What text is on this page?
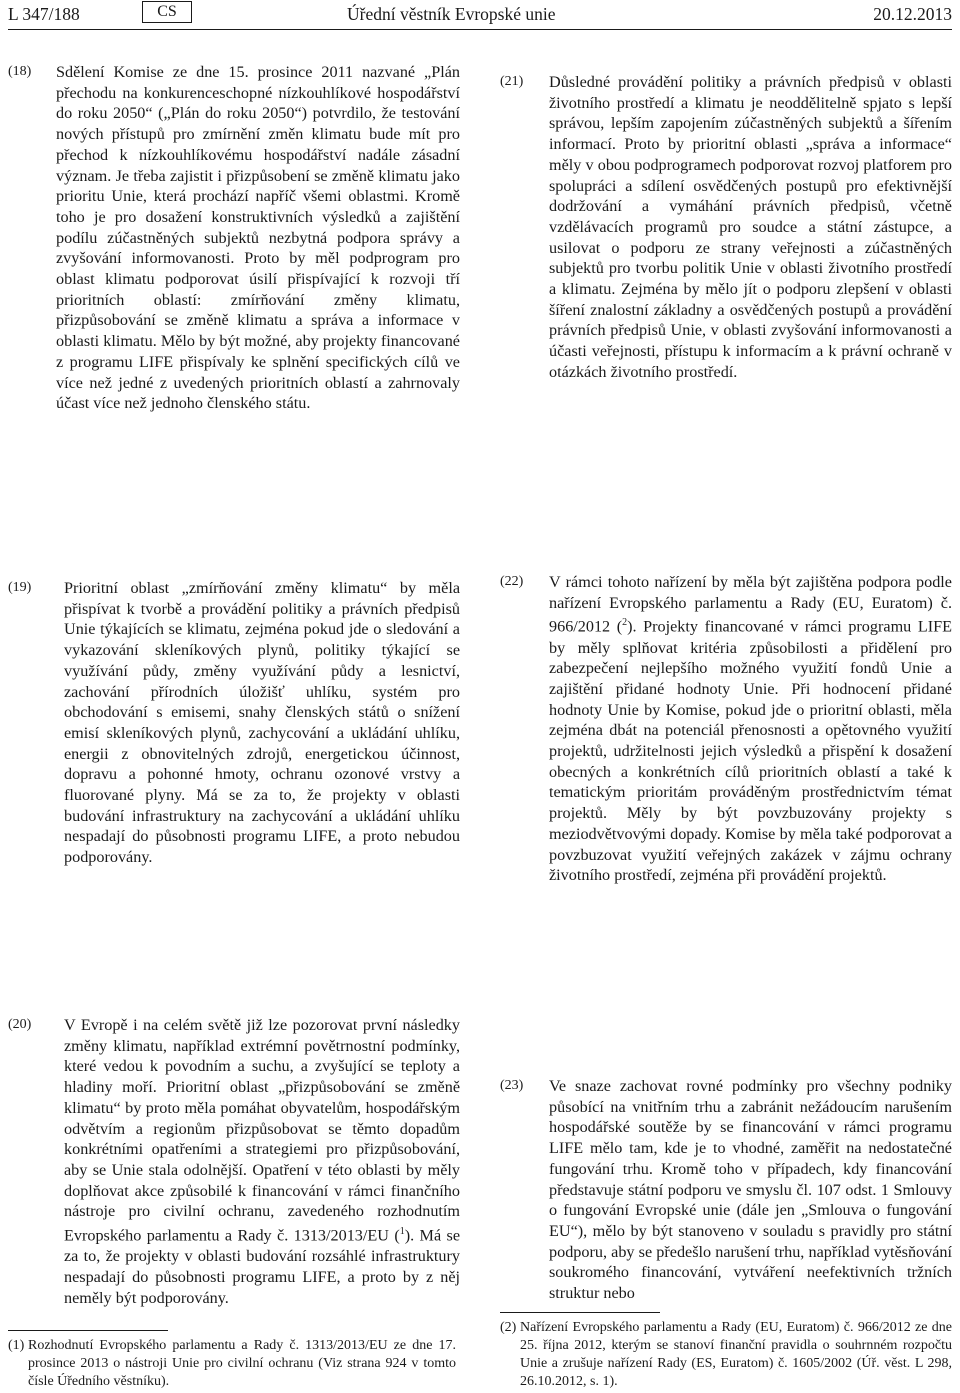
L 347/188	CS	Úřední věstník Evropské unie	20.12.2013
(18) Sdělení Komise ze dne 15. prosince 2011 nazvané „Plán přechodu na konkurenceschopné nízkouhlíkové hospodářství do roku 2050“ („Plán do roku 2050“) potvrdilo, že testování nových přístupů pro zmírnění změn klimatu bude mít pro přechod k nízkouhlíkovému hospodářství nadále zásadní význam. Je třeba zajistit i přizpůsobení se změně klimatu jako prioritu Unie, která prochází napříč všemi oblastmi. Kromě toho je pro dosažení konstruktivních výsledků a zajištění podílu zúčastněných subjektů nezbytná podpora správy a zvyšování informovanosti. Proto by měl podprogram pro oblast klimatu podporovat úsilí přispívající k rozvoji tří prioritních oblastí: zmírňování změny klimatu, přizpůsobování se změně klimatu a správa a informace v oblasti klimatu. Mělo by být možné, aby projekty financované z programu LIFE přispívaly ke splnění specifických cílů ve více než jedné z uvedených prioritních oblastí a zahrnovaly účast více než jednoho členského státu.
(19) Prioritní oblast „zmírňování změny klimatu“ by měla přispívat k tvorbě a provádění politiky a právních předpisů Unie týkajících se klimatu, zejména pokud jde o sledování a vykazování skleníkových plynů, politiky týkající se využívání půdy, změny využívání půdy a lesnictví, zachování přírodních úložišť uhlíku, systém pro obchodování s emisemi, snahy členských států o snížení emisí skleníkových plynů, zachycování a ukládání uhlíku, energii z obnovitelných zdrojů, energetickou účinnost, dopravu a pohonné hmoty, ochranu ozonové vrstvy a fluorované plyny. Má se za to, že projekty v oblasti budování infrastruktury na zachycování a ukládání uhlíku nespadají do působnosti programu LIFE, a proto nebudou podporovány.
(20) V Evropě i na celém světě již lze pozorovat první následky změny klimatu, například extrémní povětrnostní podmínky, které vedou k povodním a suchu, a zvyšující se teploty a hladiny moří. Prioritní oblast „přizpůsobování se změně klimatu“ by proto měla pomáhat obyvatelům, hospodářským odvětvím a regionům přizpůsobovat se těmto dopadům konkrétními opatřeními a strategiemi pro přizpůsobování, aby se Unie stala odolnější. Opatření v této oblasti by měly doplňovat akce způsobilé k financování v rámci finančního nástroje pro civilní ochranu, zavedeného rozhodnutím Evropského parlamentu a Rady č. 1313/2013/EU ($^1$). Má se za to, že projekty v oblasti budování rozsáhlé infrastruktury nespadají do působnosti programu LIFE, a proto by z něj neměly být podporovány.
(1) Rozhodnutí Evropského parlamentu a Rady č. 1313/2013/EU ze dne 17. prosince 2013 o nástroji Unie pro civilní ochranu (Viz strana 924 v tomto čísle Úředního věstníku).
(21) Důsledné provádění politiky a právních předpisů v oblasti životního prostředí a klimatu je neoddělitelně spjato s lepší správou, lepším zapojením zúčastněných subjektů a šířením informací. Proto by prioritní oblasti „správa a informace“ měly v obou podprogramech podporovat rozvoj platforem pro spolupráci a sdílení osvědčených postupů pro efektivnější dodržování a vymáhání právních předpisů, včetně vzdělávacích programů pro soudce a státní zástupce, a usilovat o podporu ze strany veřejnosti a zúčastněných subjektů pro tvorbu politik Unie v oblasti životního prostředí a klimatu. Zejména by mělo jít o podporu zlepšení v oblasti šíření znalostní základny a osvědčených postupů a provádění právních předpisů Unie, v oblasti zvyšování informovanosti a účasti veřejnosti, přístupu k informacím a k právní ochraně v otázkách životního prostředí.
(22) V rámci tohoto nařízení by měla být zajištěna podpora podle nařízení Evropského parlamentu a Rady (EU, Euratom) č. 966/2012 ($^2$). Projekty financované v rámci programu LIFE by měly splňovat kritéria způsobilosti a přidělení pro zabezpečení nejlepšího možného využití fondů Unie a zajištění přidané hodnoty Unie. Při hodnocení přidané hodnoty Unie by Komise, pokud jde o prioritní oblasti, měla zejména dbát na potenciál přenosnosti a opětovného využití projektů, udržitelnosti jejich výsledků a přispění k dosažení obecných a konkrétních cílů prioritních oblastí a také k tematickým prioritám prováděným prostřednictvím témat projektů. Měly by být povzbuzovány projekty s meziodvětvovými dopady. Komise by měla také podporovat a povzbuzovat využití veřejných zakázek v zájmu ochrany životního prostředí, zejména při provádění projektů.
(23) Ve snaze zachovat rovné podmínky pro všechny podniky působící na vnitřním trhu a zabránit nežádoucím narušením hospodářské soutěže by se financování v rámci programu LIFE mělo tam, kde je to vhodné, zaměřit na nedostatečné fungování trhu. Kromě toho v případech, kdy financování představuje státní podporu ve smyslu čl. 107 odst. 1 Smlouvy o fungování Evropské unie (dále jen „Smlouva o fungování EU“), mělo by být stanoveno v souladu s pravidly pro státní podporu, aby se předešlo narušení trhu, například vytěsňování soukromého financování, vytváření neefektivních tržních struktur nebo
(2) Nařízení Evropského parlamentu a Rady (EU, Euratom) č. 966/2012 ze dne 25. října 2012, kterým se stanoví finanční pravidla o souhrnném rozpočtu Unie a zrušuje nařízení Rady (ES, Euratom) č. 1605/2002 (Úř. věst. L 298, 26.10.2012, s. 1).
